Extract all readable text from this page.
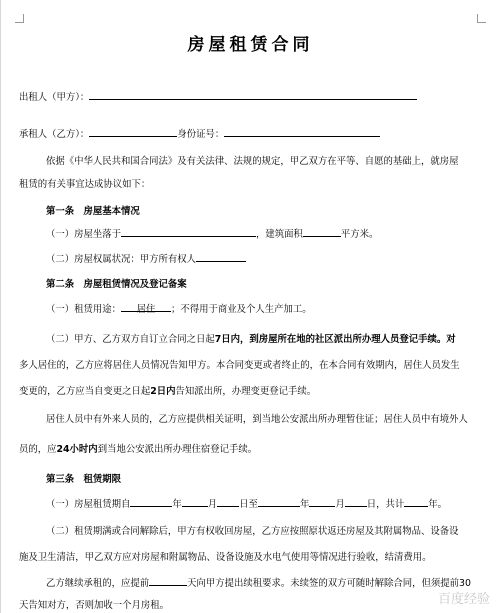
房屋租赁合同
出租人（甲方）：
承租人（乙方）：	身份证号：
依据《中华人民共和国合同法》及有关法律、法规的规定，甲乙双方在平等、自愿的基础上，就房屋
租赁的有关事宜达成协议如下：
第一条　房屋基本情况
（一）房屋坐落于	，建筑面积	平方米。
（二）房屋权属状况：甲方所有权人
第二条　房屋租赁情况及登记备案
（一）租赁用途： 居住 ；不得用于商业及个人生产加工。
（二）甲方、乙方双方自订立合同之日起7日内，到房屋所在地的社区派出所办理人员登记手续。对
多人居住的，乙方应将居住人员情况告知甲方。本合同变更或者终止的，在本合同有效期内，居住人员发生
变更的，乙方应当自变更之日起2日内告知派出所，办理变更登记手续。
居住人员中有外来人员的，乙方应提供相关证明，到当地公安派出所办理暂住证；居住人员中有境外人
员的，应24小时内到当地公安派出所办理住宿登记手续。
第三条　租赁期限
（一）房屋租赁期自	年	月 日至	年	月 日，共计	年。
（二）租赁期满或合同解除后，甲方有权收回房屋，乙方应按照原状返还房屋及其附属物品、设备设
施及卫生清洁，甲乙双方应对房屋和附属物品、设备设施及水电气使用等情况进行验收，结清费用。
乙方继续承租的，应提前	天向甲方提出续租要求。未续签的双方可随时解除合同，但须提前30
天告知对方，否则加收一个月房租。	百度经验
